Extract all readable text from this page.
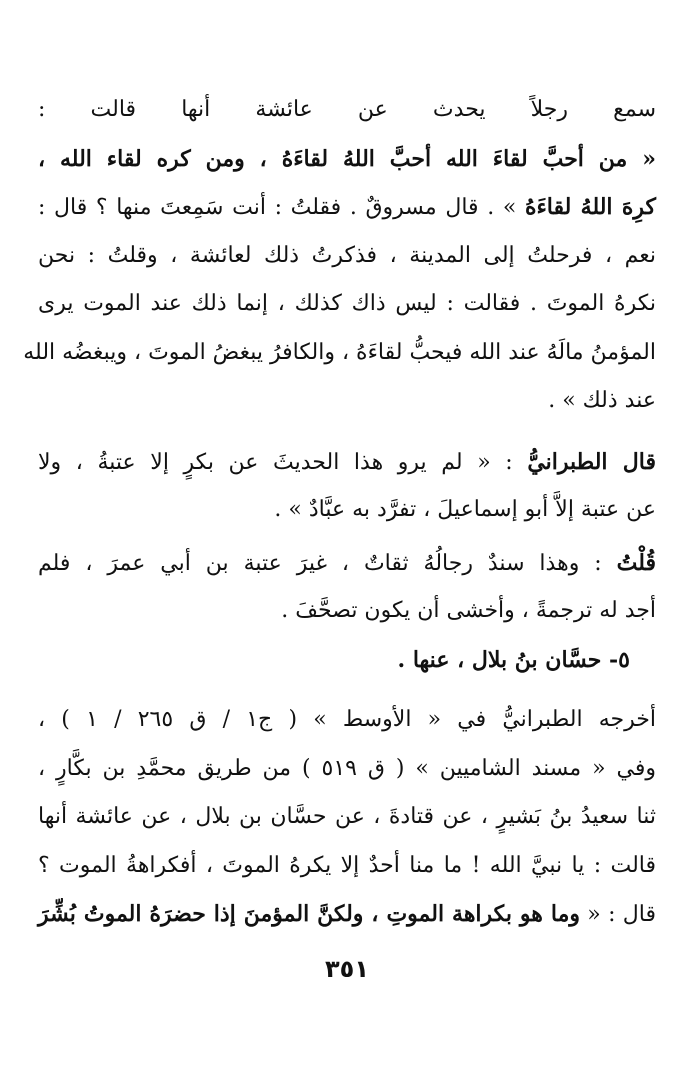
سمع رجلاً يحدث عن عائشة أنها قالت :
« من أحبَّ لقاءَ الله أحبَّ اللهُ لقاءَهُ ، ومن كره لقاء الله ،
كرِهَ اللهُ لقاءَهُ » . قال مسروقٌ . فقلتُ : أنت سَمِعتَ منها ؟ قال :
نعم ، فرحلتُ إلى المدينة ، فذكرتُ ذلك لعائشة ، وقلتُ : نحن
نكرهُ الموتَ . فقالت : ليس ذاك كذلك ، إنما ذلك عند الموت يرى
المؤمنُ مالَهُ عند الله فيحبُّ لقاءَهُ ، والكافرُ يبغضُ الموتَ ، ويبغضُه الله
عند ذلك » .
قال الطبرانيُّ : « لم يرو هذا الحديثَ عن بكرٍ إلا عتبةُ ، ولا
عن عتبة إلاَّ أبو إسماعيلَ ، تفرَّد به عبَّادٌ » .
قُلْتُ : وهذا سندٌ رجالُهُ ثقاتٌ ، غيرَ عتبة بن أبي عمرَ ، فلم
أجد له ترجمةً ، وأخشى أن يكون تصحَّفَ .
٥- حسَّان بنُ بلال ، عنها .
أخرجه الطبرانيُّ في « الأوسط » ( ج١ / ق ٢٦٥ / ١ ) ،
وفي « مسند الشاميين » ( ق ٥١٩ ) من طريق محمَّدِ بن بكَّارٍ ،
ثنا سعيدُ بنُ بَشيرٍ ، عن قتادةَ ، عن حسَّان بن بلال ، عن عائشة أنها
قالت : يا نبيَّ الله ! ما منا أحدٌ إلا يكرهُ الموتَ ، أفكراهةُ الموت ؟
قال : « وما هو بكراهة الموتِ ، ولكنَّ المؤمنَ إذا حضرَهُ الموتُ بُشِّرَ
٣٥١
